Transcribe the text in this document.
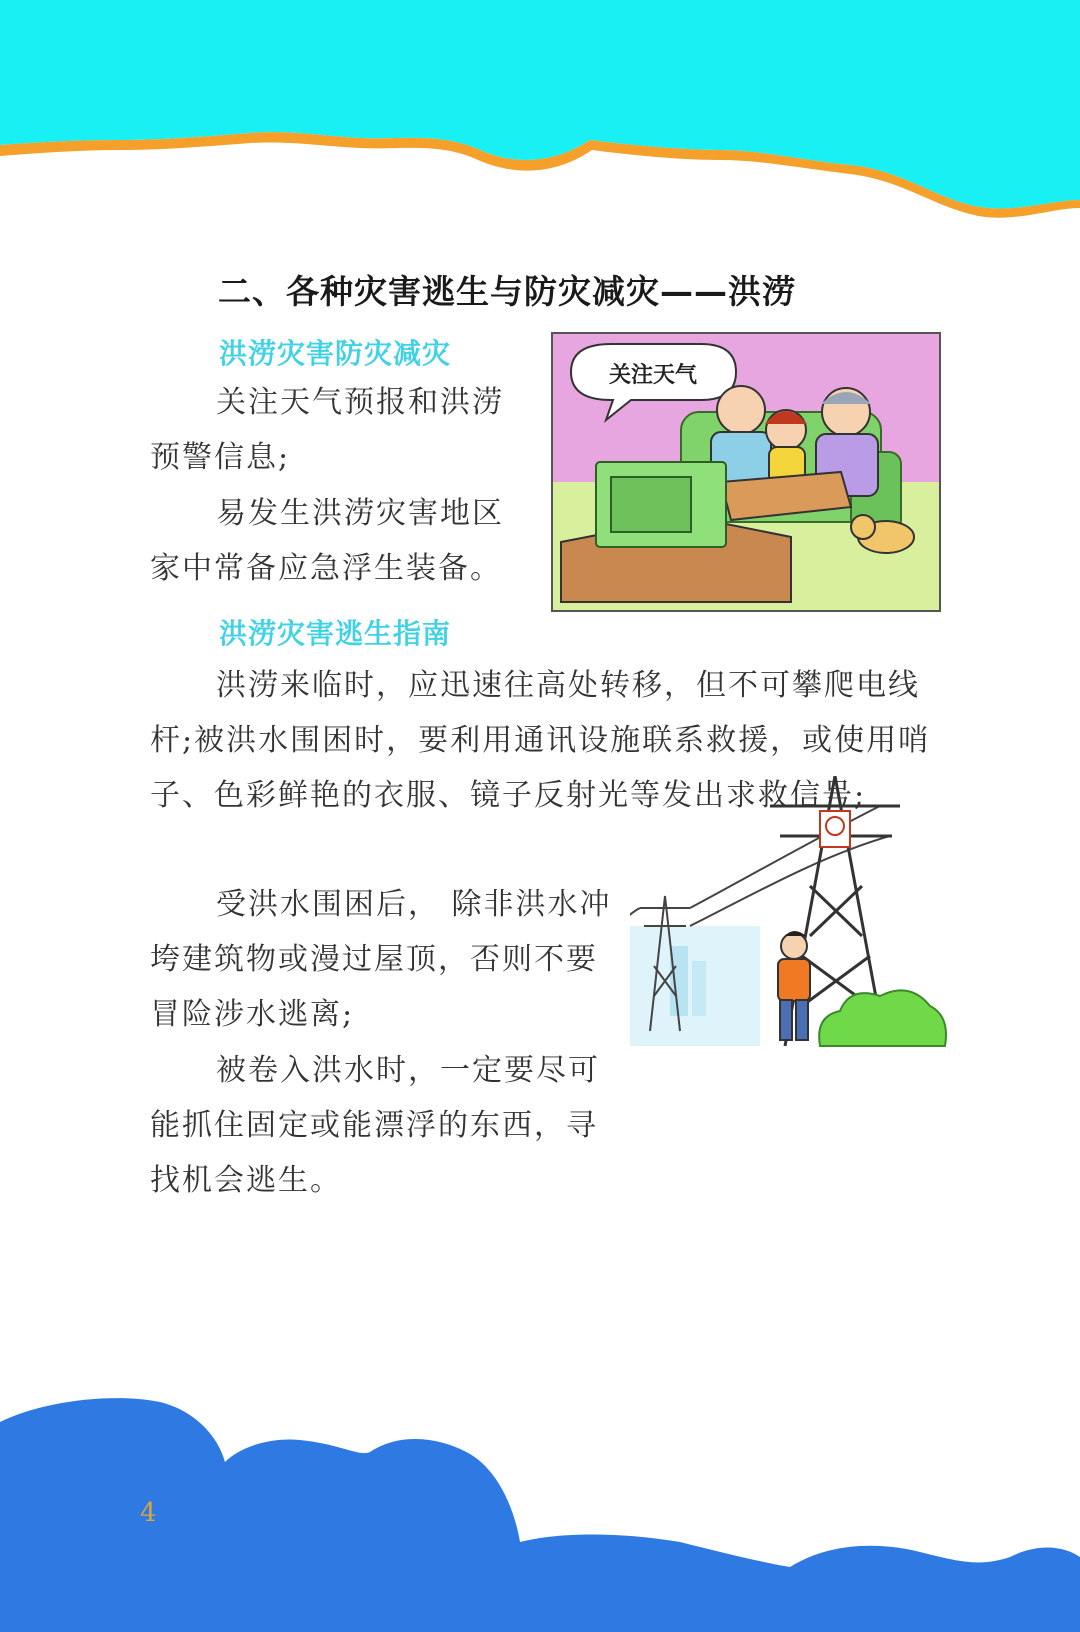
二、各种灾害逃生与防灾减灾——洪涝
洪涝灾害防灾减灾

关注天气预报和洪涝预警信息;

易发生洪涝灾害地区家中常备应急浮生装备。

关注天气
洪涝灾害逃生指南

洪涝来临时，应迅速往高处转移，但不可攀爬电线杆;被洪水围困时，要利用通讯设施联系救援，或使用哨子、色彩鲜艳的衣服、镜子反射光等发出求救信号;

受洪水围困后， 除非洪水冲垮建筑物或漫过屋顶，否则不要冒险涉水逃离;

被卷入洪水时，一定要尽可能抓住固定或能漂浮的东西，寻找机会逃生。

4
